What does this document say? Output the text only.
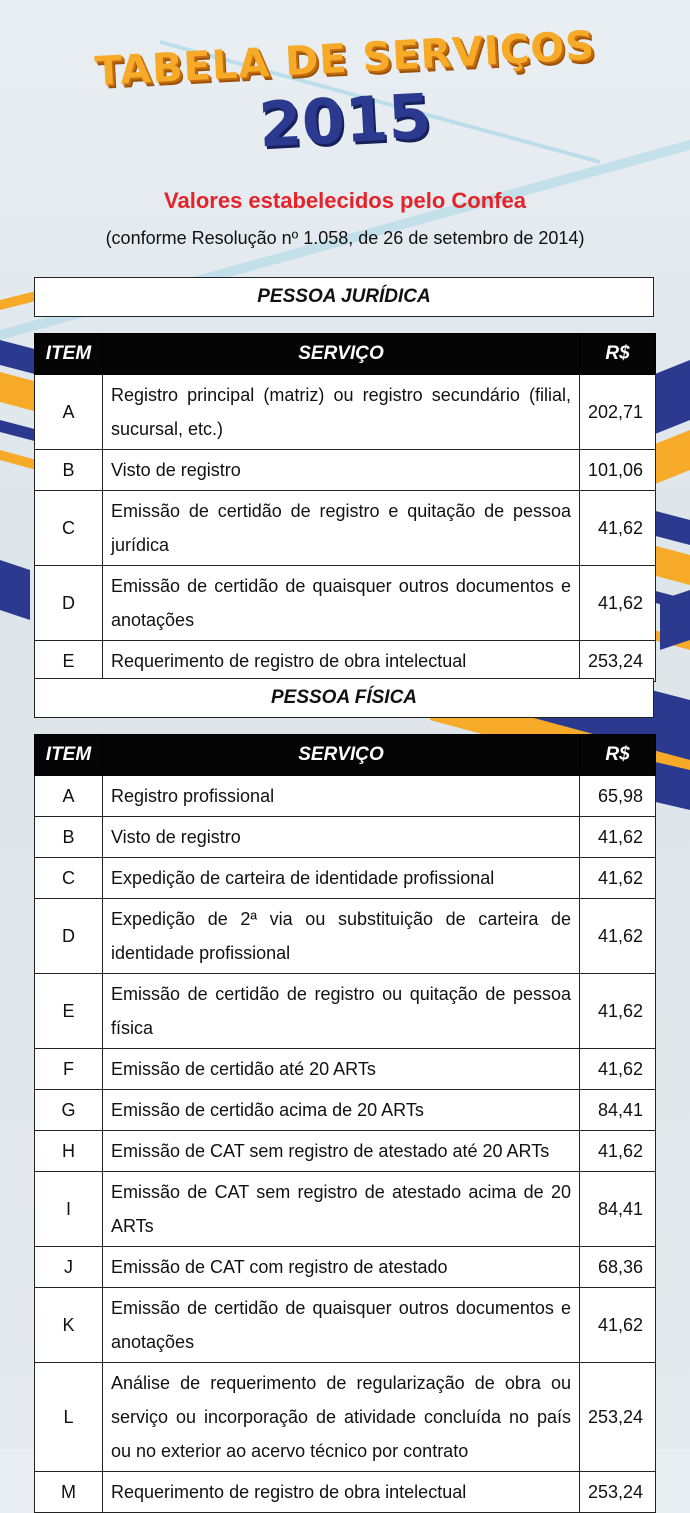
TABELA DE SERVIÇOS
2015
Valores estabelecidos pelo Confea
(conforme Resolução nº 1.058, de 26 de setembro de 2014)
PESSOA JURÍDICA
ITEM	SERVIÇO	R$
A	Registro principal (matriz) ou registro secundário (filial, sucursal, etc.)	202,71
B	Visto de registro	101,06
C	Emissão de certidão de registro e quitação de pessoa jurídica	41,62
D	Emissão de certidão de quaisquer outros documentos e anotações	41,62
E	Requerimento de registro de obra intelectual	253,24
PESSOA FÍSICA
ITEM	SERVIÇO	R$
A	Registro profissional	65,98
B	Visto de registro	41,62
C	Expedição de carteira de identidade profissional	41,62
D	Expedição de 2ª via ou substituição de carteira de identidade profissional	41,62
E	Emissão de certidão de registro ou quitação de pessoa física	41,62
F	Emissão de certidão até 20 ARTs	41,62
G	Emissão de certidão acima de 20 ARTs	84,41
H	Emissão de CAT sem registro de atestado até 20 ARTs	41,62
I	Emissão de CAT sem registro de atestado acima de 20 ARTs	84,41
J	Emissão de CAT com registro de atestado	68,36
K	Emissão de certidão de quaisquer outros documentos e anotações	41,62
L	Análise de requerimento de regularização de obra ou serviço ou incorporação de atividade concluída no país ou no exterior ao acervo técnico por contrato	253,24
M	Requerimento de registro de obra intelectual	253,24
